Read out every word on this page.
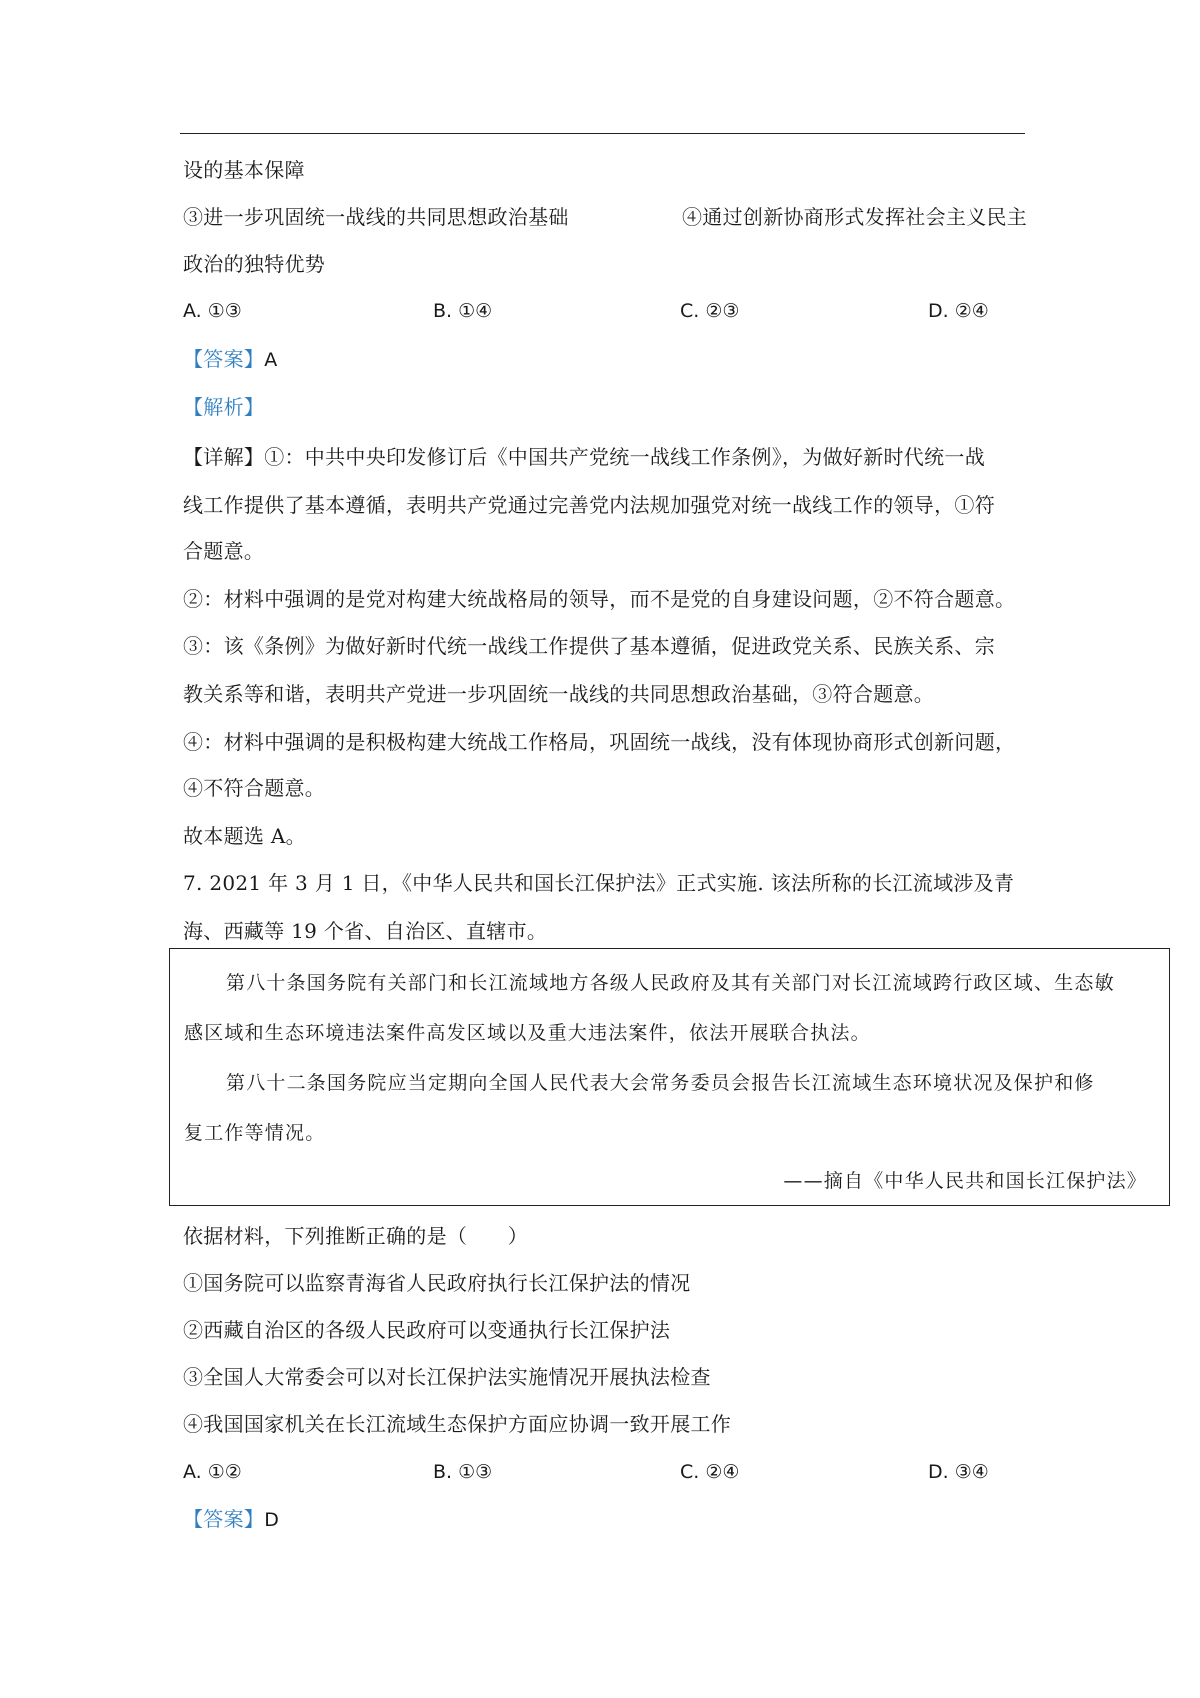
设的基本保障
③进一步巩固统一战线的共同思想政治基础	④通过创新协商形式发挥社会主义民主
政治的独特优势
A. ①③	B. ①④	C. ②③	D. ②④
【答案】A
【解析】
【详解】①：中共中央印发修订后《中国共产党统一战线工作条例》，为做好新时代统一战
线工作提供了基本遵循，表明共产党通过完善党内法规加强党对统一战线工作的领导，①符
合题意。
②：材料中强调的是党对构建大统战格局的领导，而不是党的自身建设问题，②不符合题意。
③：该《条例》为做好新时代统一战线工作提供了基本遵循，促进政党关系、民族关系、宗
教关系等和谐，表明共产党进一步巩固统一战线的共同思想政治基础，③符合题意。
④：材料中强调的是积极构建大统战工作格局，巩固统一战线，没有体现协商形式创新问题，
④不符合题意。
故本题选 A。
7. 2021 年 3 月 1 日，《中华人民共和国长江保护法》正式实施. 该法所称的长江流域涉及青
海、西藏等 19 个省、自治区、直辖市。
第八十条国务院有关部门和长江流域地方各级人民政府及其有关部门对长江流域跨行政区域、生态敏
感区域和生态环境违法案件高发区域以及重大违法案件，依法开展联合执法。
第八十二条国务院应当定期向全国人民代表大会常务委员会报告长江流域生态环境状况及保护和修
复工作等情况。
——摘自《中华人民共和国长江保护法》
依据材料，下列推断正确的是（　　）
①国务院可以监察青海省人民政府执行长江保护法的情况
②西藏自治区的各级人民政府可以变通执行长江保护法
③全国人大常委会可以对长江保护法实施情况开展执法检查
④我国国家机关在长江流域生态保护方面应协调一致开展工作
A. ①②	B. ①③	C. ②④	D. ③④
【答案】D
